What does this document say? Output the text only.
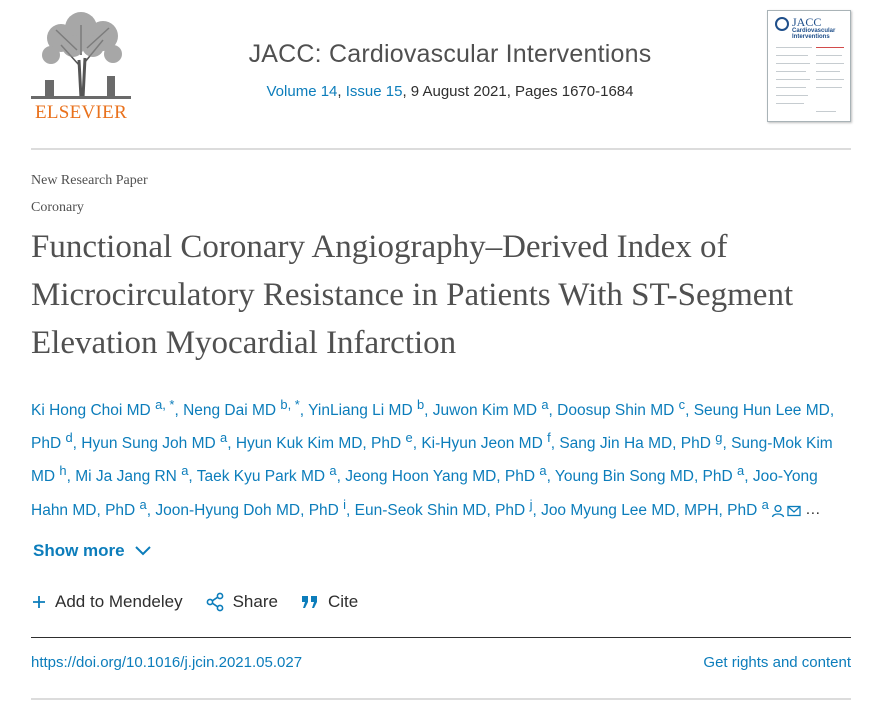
ELSEVIER
JACC: Cardiovascular Interventions
Volume 14, Issue 15, 9 August 2021, Pages 1670-1684
JACC
Cardiovascular Interventions
New Research Paper
Coronary
Functional Coronary Angiography–Derived Index of Microcirculatory Resistance in Patients With ST-Segment Elevation Myocardial Infarction
Ki Hong Choi MD $^{a, *}$, Neng Dai MD $^{b, *}$, YinLiang Li MD $^b$, Juwon Kim MD $^a$, Doosup Shin MD $^c$, Seung Hun Lee MD, PhD $^d$, Hyun Sung Joh MD $^a$, Hyun Kuk Kim MD, PhD $^e$, Ki-Hyun Jeon MD $^f$, Sang Jin Ha MD, PhD $^g$, Sung-Mok Kim MD $^h$, Mi Ja Jang RN $^a$, Taek Kyu Park MD $^a$, Jeong Hoon Yang MD, PhD $^a$, Young Bin Song MD, PhD $^a$, Joo-Yong Hahn MD, PhD $^a$, Joon-Hyung Doh MD, PhD $^i$, Eun-Seok Shin MD, PhD $^j$, Joo Myung Lee MD, MPH, PhD $^a$ …
Show more
Add to Mendeley	Share	Cite
https://doi.org/10.1016/j.jcin.2021.05.027	Get rights and content
